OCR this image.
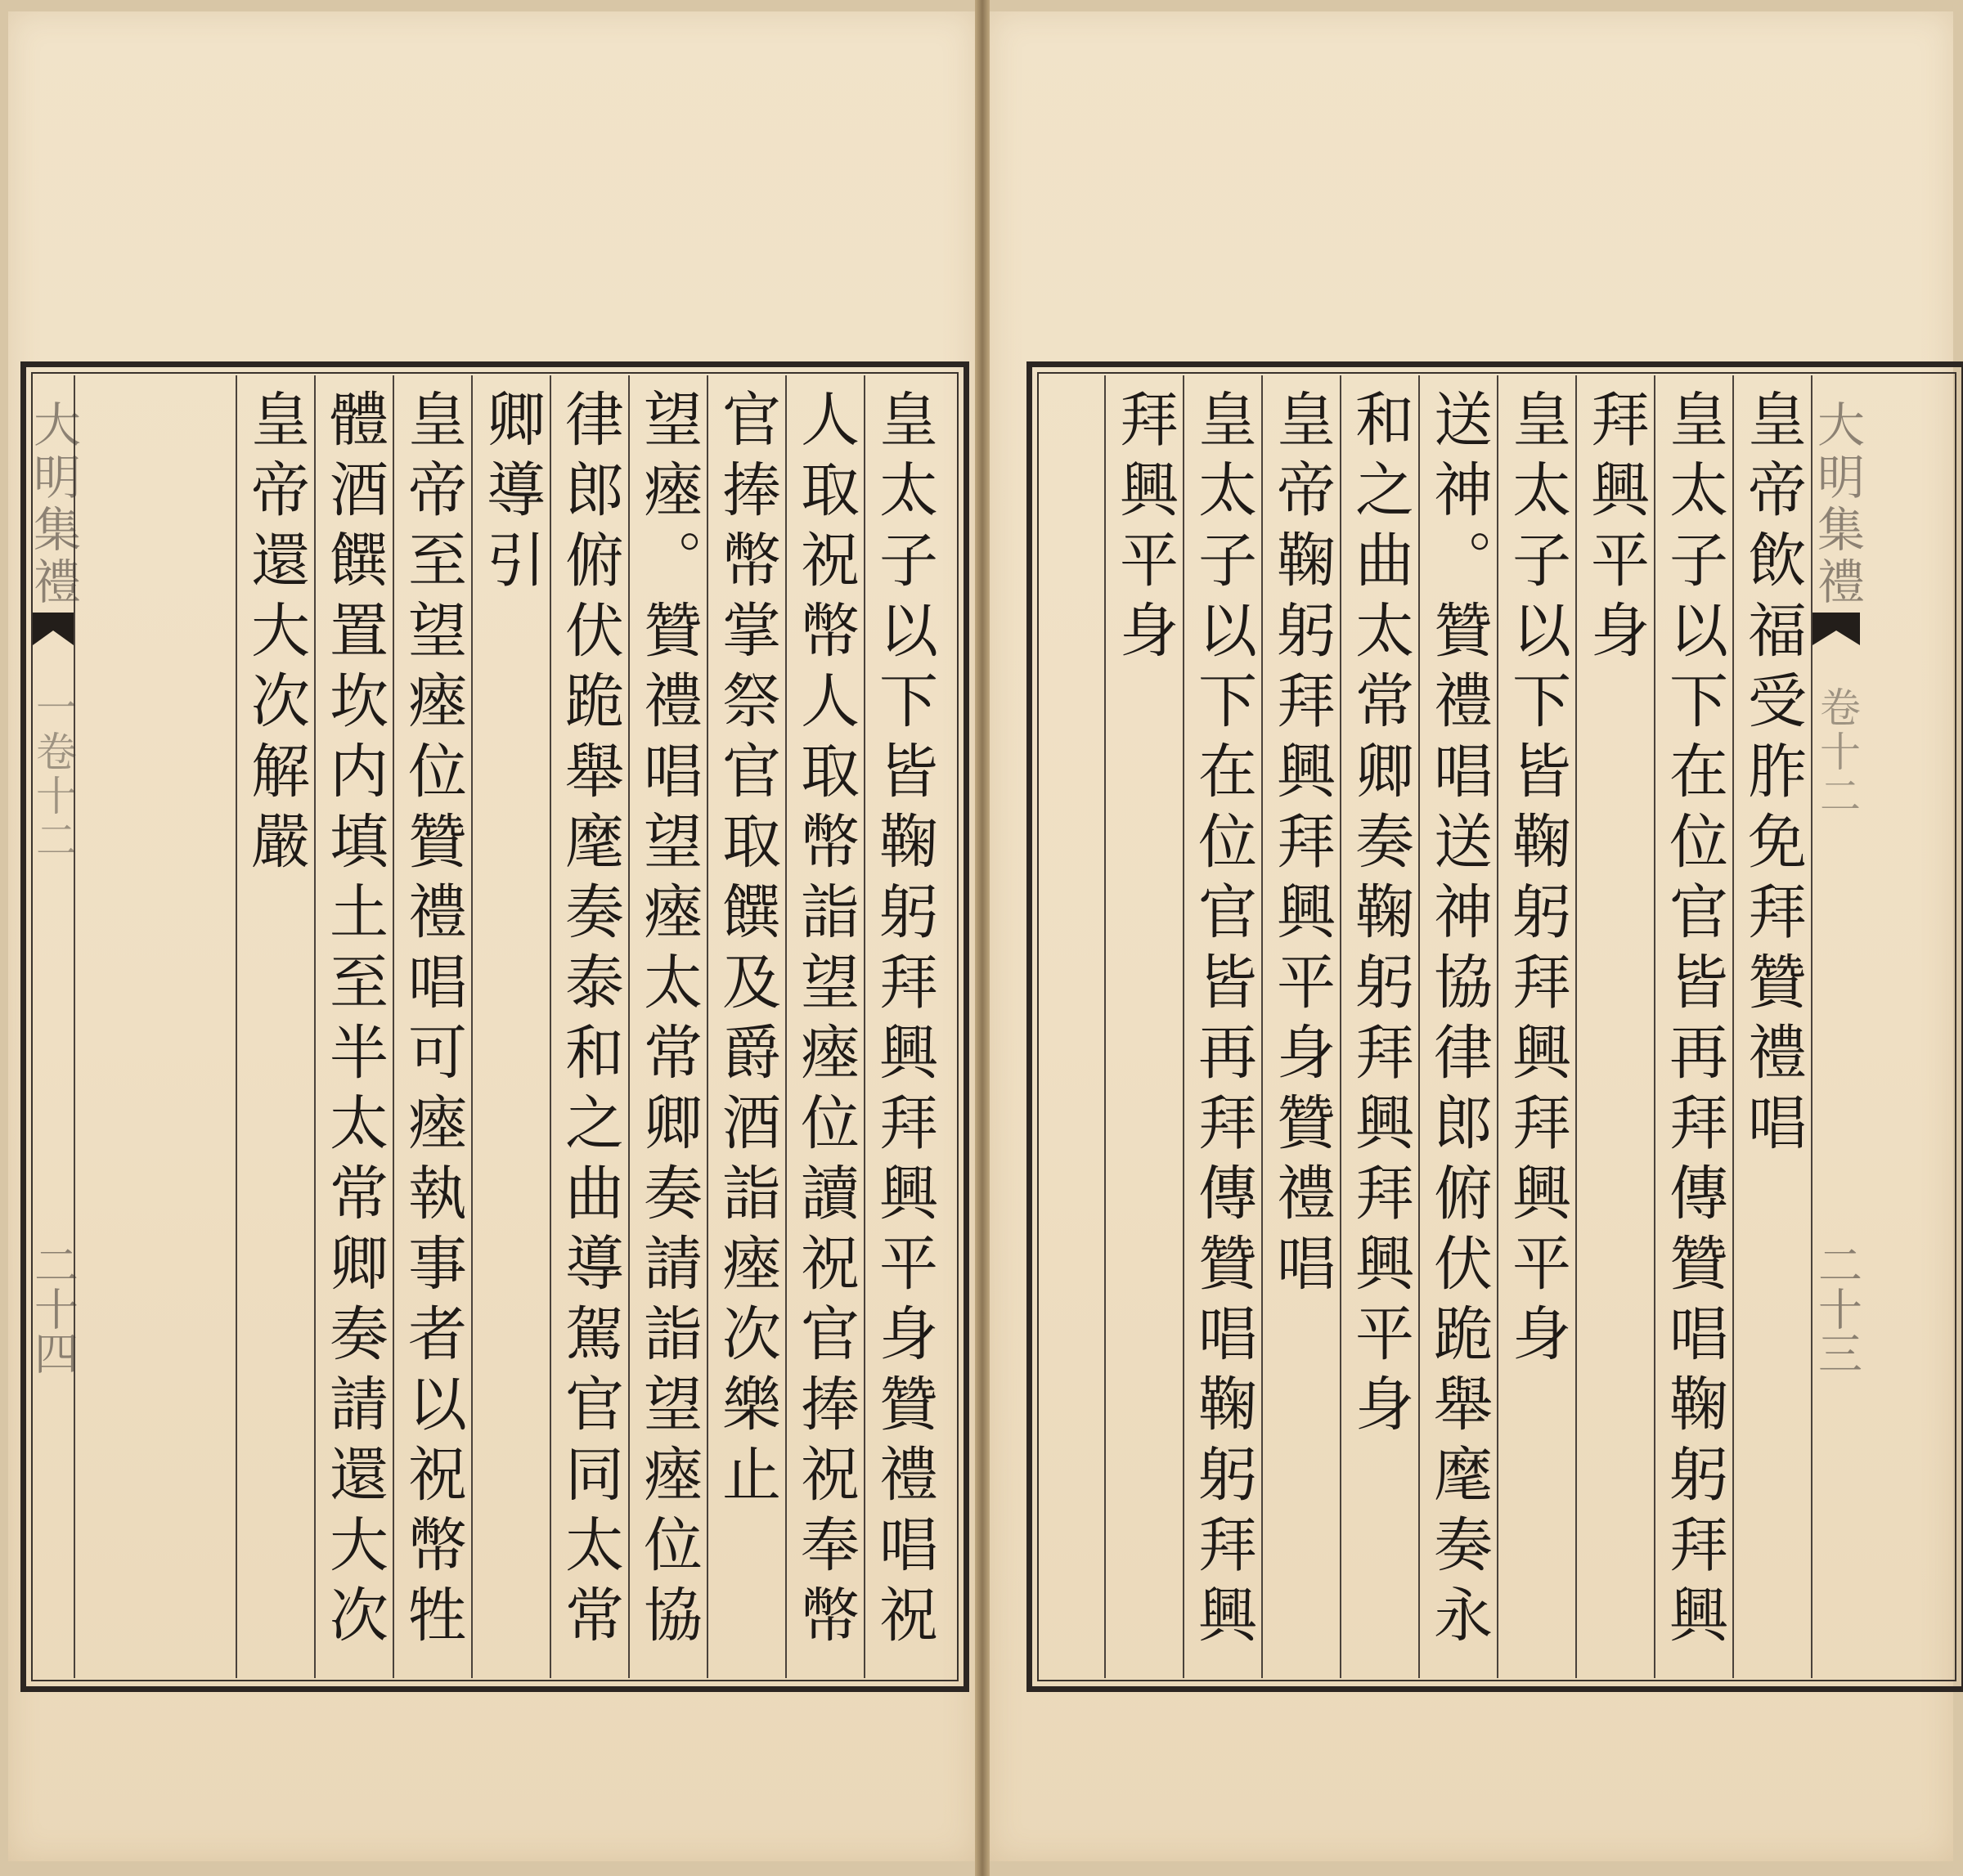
皇太子以下皆鞠躬拜興拜興平身贊禮唱祝
人取祝幣人取幣詣望瘞位讀祝官捧祝奉幣
官捧幣掌祭官取饌及爵酒詣瘞次樂止
望瘞。贊禮唱望瘞太常卿奏請詣望瘞位協
律郎俯伏跪舉麾奏泰和之曲導駕官同太常
卿導引
皇帝至望瘞位贊禮唱可瘞執事者以祝幣牲
體酒饌置坎内填土至半太常卿奏請還大次
皇帝還大次解嚴
大明集禮
一卷十二
二十四
皇帝飲福受胙免拜贊禮唱
皇太子以下在位官皆再拜傳贊唱鞠躬拜興
拜興平身
皇太子以下皆鞠躬拜興拜興平身
送神。贊禮唱送神協律郎俯伏跪舉麾奏永
和之曲太常卿奏鞠躬拜興拜興平身
皇帝鞠躬拜興拜興平身贊禮唱
皇太子以下在位官皆再拜傳贊唱鞠躬拜興
拜興平身	大明集禮
卷十二
二十三
